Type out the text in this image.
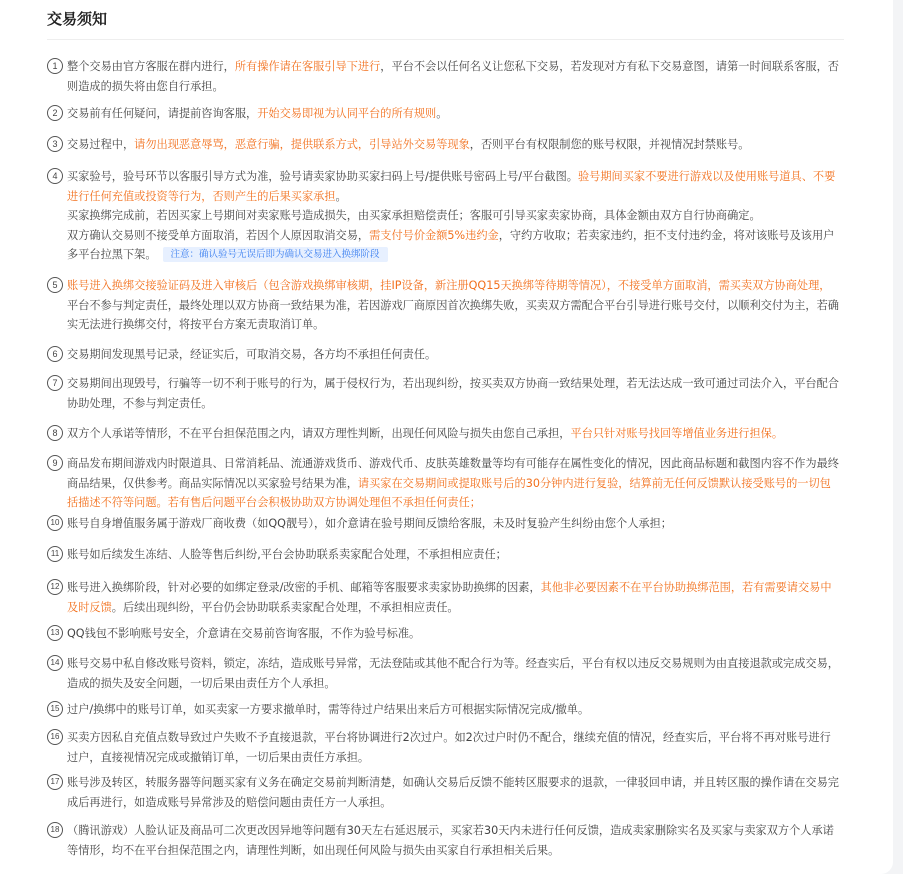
交易须知
1 整个交易由官方客服在群内进行，所有操作请在客服引导下进行，平台不会以任何名义让您私下交易，若发现对方有私下交易意图，请第一时间联系客服，否
则造成的损失将由您自行承担。
2 交易前有任何疑问，请提前咨询客服，开始交易即视为认同平台的所有规则。
3 交易过程中，请勿出现恶意辱骂，恶意行骗，提供联系方式，引导站外交易等现象，否则平台有权限制您的账号权限，并视情况封禁账号。
4 买家验号，验号环节以客服引导方式为准，验号请卖家协助买家扫码上号/提供账号密码上号/平台截图。验号期间买家不要进行游戏以及使用账号道具、不要
进行任何充值或投资等行为，否则产生的后果买家承担。
买家换绑完成前，若因买家上号期间对卖家账号造成损失，由买家承担赔偿责任；客服可引导买家卖家协商，具体金额由双方自行协商确定。
双方确认交易则不接受单方面取消，若因个人原因取消交易，需支付号价金额5%违约金，守约方收取；若卖家违约，拒不支付违约金，将对该账号及该用户
多平台拉黑下架。 注意：确认验号无误后即为确认交易进入换绑阶段
5 账号进入换绑交接验证码及进入审核后（包含游戏换绑审核期，挂IP设备，新注册QQ15天换绑等待期等情况），不接受单方面取消，需买卖双方协商处理，
平台不参与判定责任，最终处理以双方协商一致结果为准，若因游戏厂商原因首次换绑失败，买卖双方需配合平台引导进行账号交付，以顺利交付为主，若确
实无法进行换绑交付，将按平台方案无责取消订单。
6 交易期间发现黑号记录，经证实后，可取消交易，各方均不承担任何责任。
7 交易期间出现毁号，行骗等一切不利于账号的行为，属于侵权行为，若出现纠纷，按买卖双方协商一致结果处理，若无法达成一致可通过司法介入，平台配合
协助处理，不参与判定责任。
8 双方个人承诺等情形，不在平台担保范围之内，请双方理性判断，出现任何风险与损失由您自己承担，平台只针对账号找回等增值业务进行担保。
9 商品发布期间游戏内时限道具、日常消耗品、流通游戏货币、游戏代币、皮肤英雄数量等均有可能存在属性变化的情况，因此商品标题和截图内容不作为最终
商品结果，仅供参考。商品实际情况以买家验号结果为准，请买家在交易期间或提取账号后的30分钟内进行复验，结算前无任何反馈默认接受账号的一切包
括描述不符等问题。若有售后问题平台会积极协助双方协调处理但不承担任何责任；
10 账号自身增值服务属于游戏厂商收费（如QQ靓号），如介意请在验号期间反馈给客服，未及时复验产生纠纷由您个人承担；
11 账号如后续发生冻结、人脸等售后纠纷,平台会协助联系卖家配合处理，不承担相应责任；
12 账号进入换绑阶段，针对必要的如绑定登录/改密的手机、邮箱等客服要求卖家协助换绑的因素，其他非必要因素不在平台协助换绑范围，若有需要请交易中
及时反馈。后续出现纠纷，平台仍会协助联系卖家配合处理，不承担相应责任。
13 QQ钱包不影响账号安全，介意请在交易前咨询客服，不作为验号标准。
14 账号交易中私自修改账号资料，锁定，冻结，造成账号异常，无法登陆或其他不配合行为等。经查实后，平台有权以违反交易规则为由直接退款或完成交易，
造成的损失及安全问题，一切后果由责任方个人承担。
15 过户/换绑中的账号订单，如买卖家一方要求撤单时，需等待过户结果出来后方可根据实际情况完成/撤单。
16 买卖方因私自充值点数导致过户失败不予直接退款，平台将协调进行2次过户。如2次过户时仍不配合，继续充值的情况，经查实后，平台将不再对账号进行
过户，直接视情况完成或撤销订单，一切后果由责任方承担。
17 账号涉及转区，转服务器等问题买家有义务在确定交易前判断清楚，如确认交易后反馈不能转区服要求的退款，一律驳回申请，并且转区服的操作请在交易完
成后再进行，如造成账号异常涉及的赔偿问题由责任方一人承担。
18 （腾讯游戏）人脸认证及商品可二次更改因异地等问题有30天左右延迟展示，买家若30天内未进行任何反馈，造成卖家删除实名及买家与卖家双方个人承诺
等情形，均不在平台担保范围之内，请理性判断，如出现任何风险与损失由买家自行承担相关后果。
